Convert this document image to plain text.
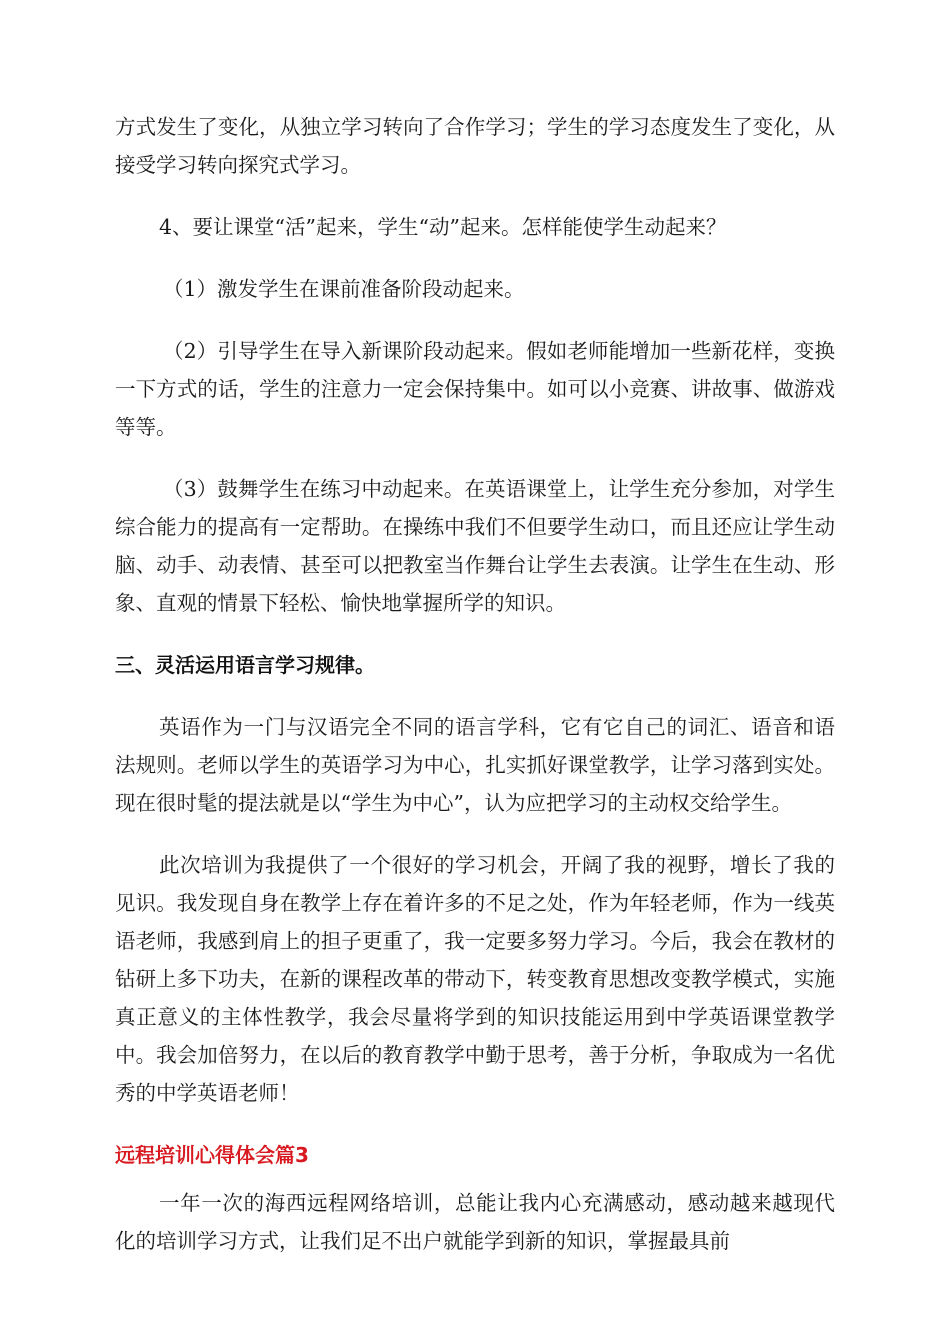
方式发生了变化，从独立学习转向了合作学习；学生的学习态度发生了变化，从接受学习转向探究式学习。

4、要让课堂“活”起来，学生“动”起来。怎样能使学生动起来？

（1）激发学生在课前准备阶段动起来。

（2）引导学生在导入新课阶段动起来。假如老师能增加一些新花样，变换一下方式的话，学生的注意力一定会保持集中。如可以小竞赛、讲故事、做游戏等等。

（3）鼓舞学生在练习中动起来。在英语课堂上，让学生充分参加，对学生综合能力的提高有一定帮助。在操练中我们不但要学生动口，而且还应让学生动脑、动手、动表情、甚至可以把教室当作舞台让学生去表演。让学生在生动、形象、直观的情景下轻松、愉快地掌握所学的知识。

三、灵活运用语言学习规律。

英语作为一门与汉语完全不同的语言学科，它有它自己的词汇、语音和语法规则。老师以学生的英语学习为中心，扎实抓好课堂教学，让学习落到实处。现在很时髦的提法就是以“学生为中心”，认为应把学习的主动权交给学生。

此次培训为我提供了一个很好的学习机会，开阔了我的视野，增长了我的见识。我发现自身在教学上存在着许多的不足之处，作为年轻老师，作为一线英语老师，我感到肩上的担子更重了，我一定要多努力学习。今后，我会在教材的钻研上多下功夫，在新的课程改革的带动下，转变教育思想改变教学模式，实施真正意义的主体性教学，我会尽量将学到的知识技能运用到中学英语课堂教学中。我会加倍努力，在以后的教育教学中勤于思考，善于分析，争取成为一名优秀的中学英语老师！

远程培训心得体会篇3

一年一次的海西远程网络培训，总能让我内心充满感动，感动越来越现代化的培训学习方式，让我们足不出户就能学到新的知识，掌握最具前
